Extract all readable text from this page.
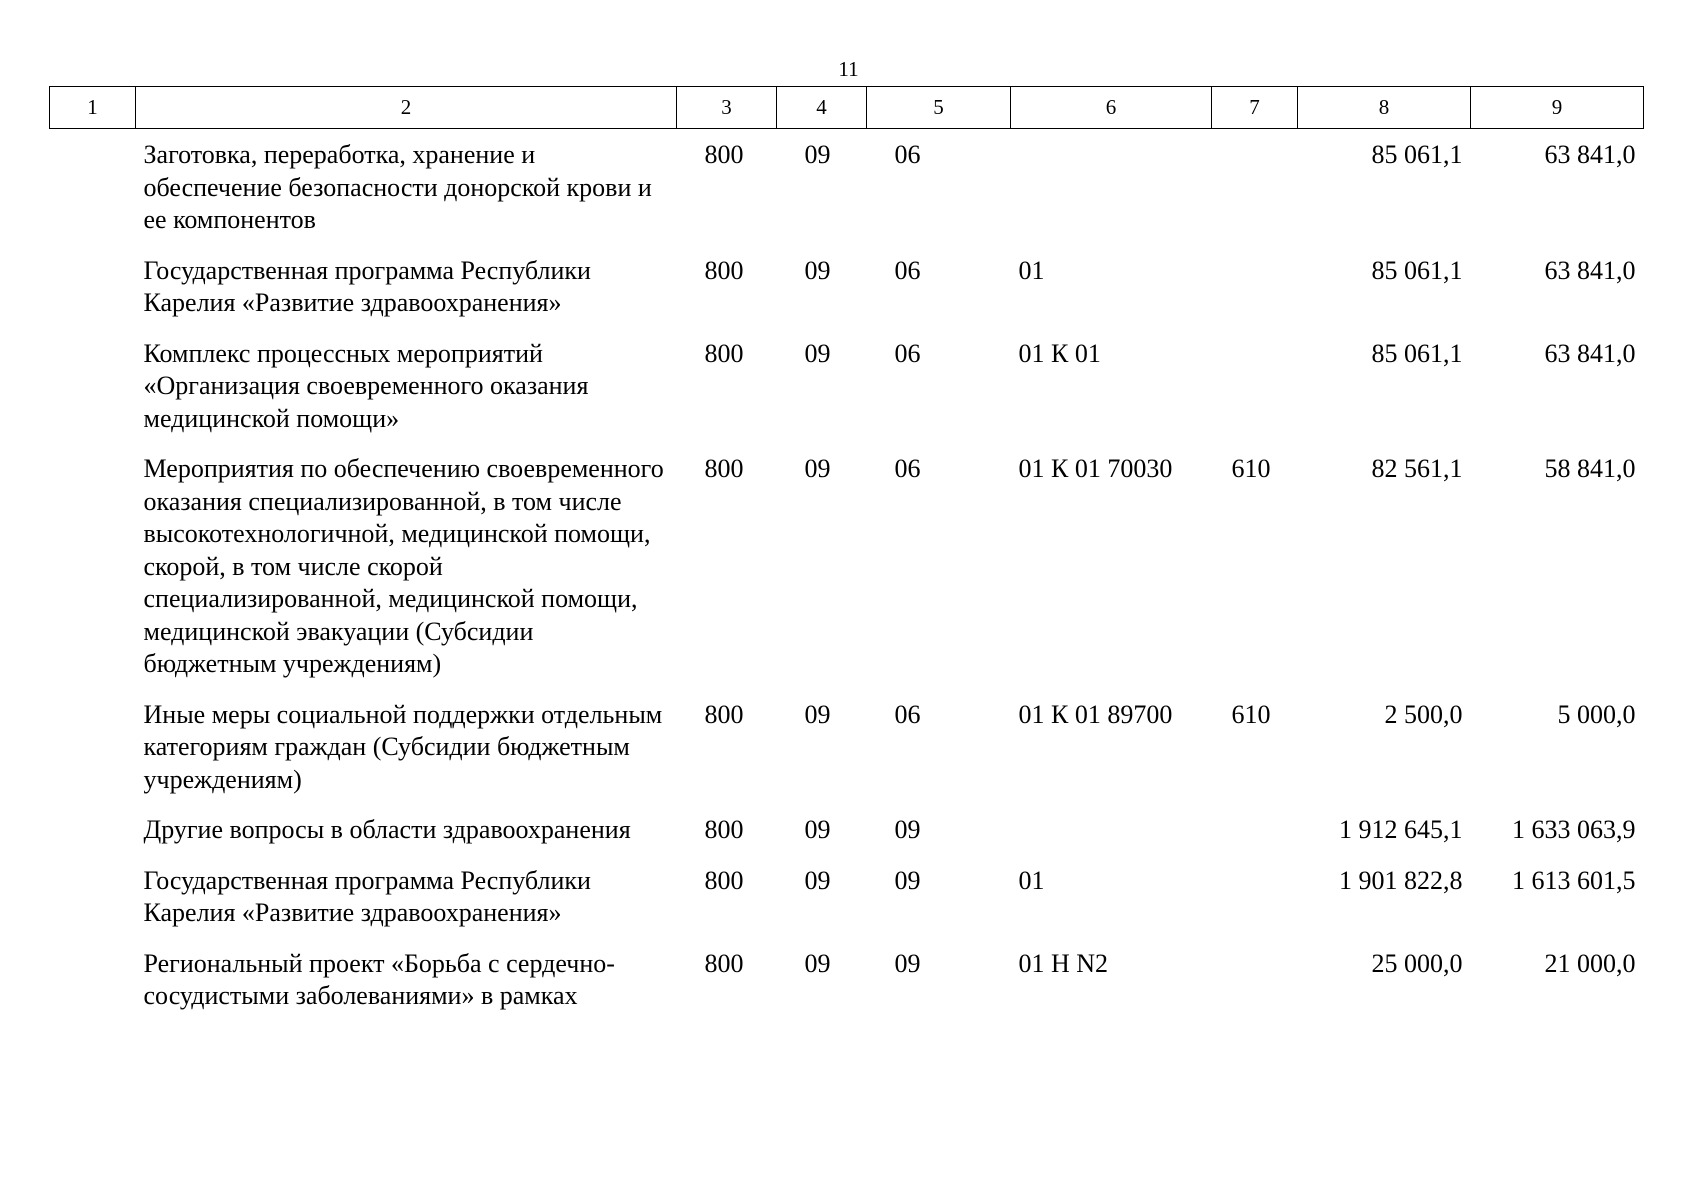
11
1	2	3	4	5	6	7	8	9
	Заготовка, переработка, хранение и обеспечение безопасности донорской крови и ее компонентов	800	09	06			85 061,1	63 841,0
	Государственная программа Республики Карелия «Развитие здравоохранения»	800	09	06	01		85 061,1	63 841,0
	Комплекс процессных мероприятий «Организация своевременного оказания медицинской помощи»	800	09	06	01 К 01		85 061,1	63 841,0
	Мероприятия по обеспечению своевременного оказания специализированной, в том числе высокотехнологичной, медицинской помощи, скорой, в том числе скорой специализированной, медицинской помощи, медицинской эвакуации (Субсидии бюджетным учреждениям)	800	09	06	01 К 01 70030	610	82 561,1	58 841,0
	Иные меры социальной поддержки отдельным категориям граждан (Субсидии бюджетным учреждениям)	800	09	06	01 К 01 89700	610	2 500,0	5 000,0
	Другие вопросы в области здравоохранения	800	09	09			1 912 645,1	1 633 063,9
	Государственная программа Республики Карелия «Развитие здравоохранения»	800	09	09	01		1 901 822,8	1 613 601,5
	Региональный проект «Борьба с сердечно-сосудистыми заболеваниями» в рамках	800	09	09	01 Н N2		25 000,0	21 000,0
